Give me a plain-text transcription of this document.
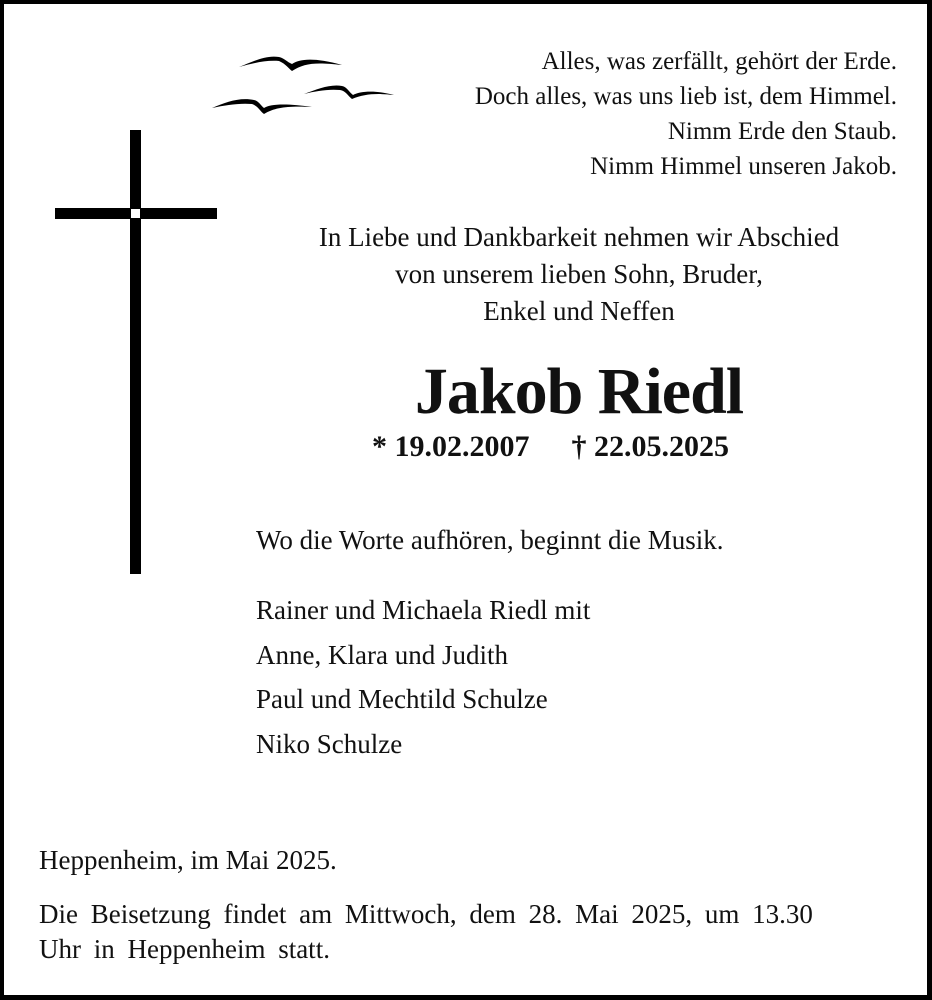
Alles, was zerfällt, gehört der Erde.
Doch alles, was uns lieb ist, dem Himmel.
Nimm Erde den Staub.
Nimm Himmel unseren Jakob.
In Liebe und Dankbarkeit nehmen wir Abschied
von unserem lieben Sohn, Bruder,
Enkel und Neffen
Jakob Riedl
* 19.02.2007 † 22.05.2025
Wo die Worte aufhören, beginnt die Musik.
Rainer und Michaela Riedl mit
Anne, Klara und Judith
Paul und Mechtild Schulze
Niko Schulze
Heppenheim, im Mai 2025.
Die Beisetzung findet am Mittwoch, dem 28. Mai 2025, um 13.30 Uhr in Heppenheim statt.
